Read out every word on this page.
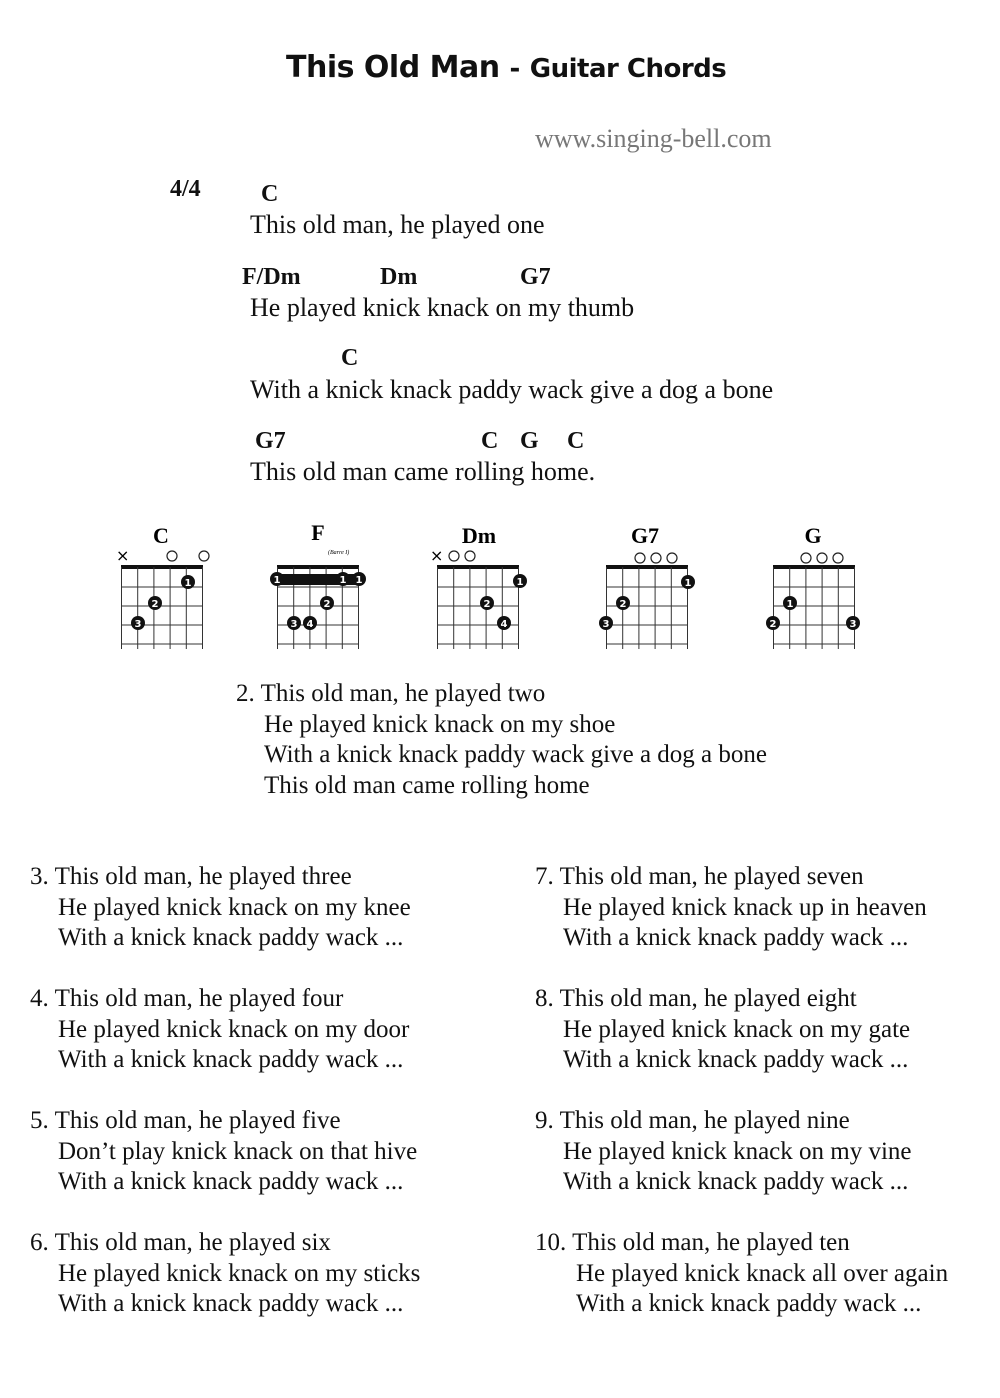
This Old Man - Guitar Chords
www.singing-bell.com
4/4	C
This old man, he played one
F/Dm	Dm	G7
He played knick knack on my thumb
C
With a knick knack paddy wack give a dog a bone
G7	C G C
This old man came rolling home.
C
×
1
2
3
F
(Barre I)
1	1 1
2
3 4
Dm
×
1
2
4
G7
1
2
3
G
1
2	3
2. This old man, he played two
He played knick knack on my shoe
With a knick knack paddy wack give a dog a bone
This old man came rolling home
3. This old man, he played three
He played knick knack on my knee
With a knick knack paddy wack ...
4. This old man, he played four
He played knick knack on my door
With a knick knack paddy wack ...
5. This old man, he played five
Don’t play knick knack on that hive
With a knick knack paddy wack ...
6. This old man, he played six
He played knick knack on my sticks
With a knick knack paddy wack ...
7. This old man, he played seven
He played knick knack up in heaven
With a knick knack paddy wack ...
8. This old man, he played eight
He played knick knack on my gate
With a knick knack paddy wack ...
9. This old man, he played nine
He played knick knack on my vine
With a knick knack paddy wack ...
10. This old man, he played ten
He played knick knack all over again
With a knick knack paddy wack ...
